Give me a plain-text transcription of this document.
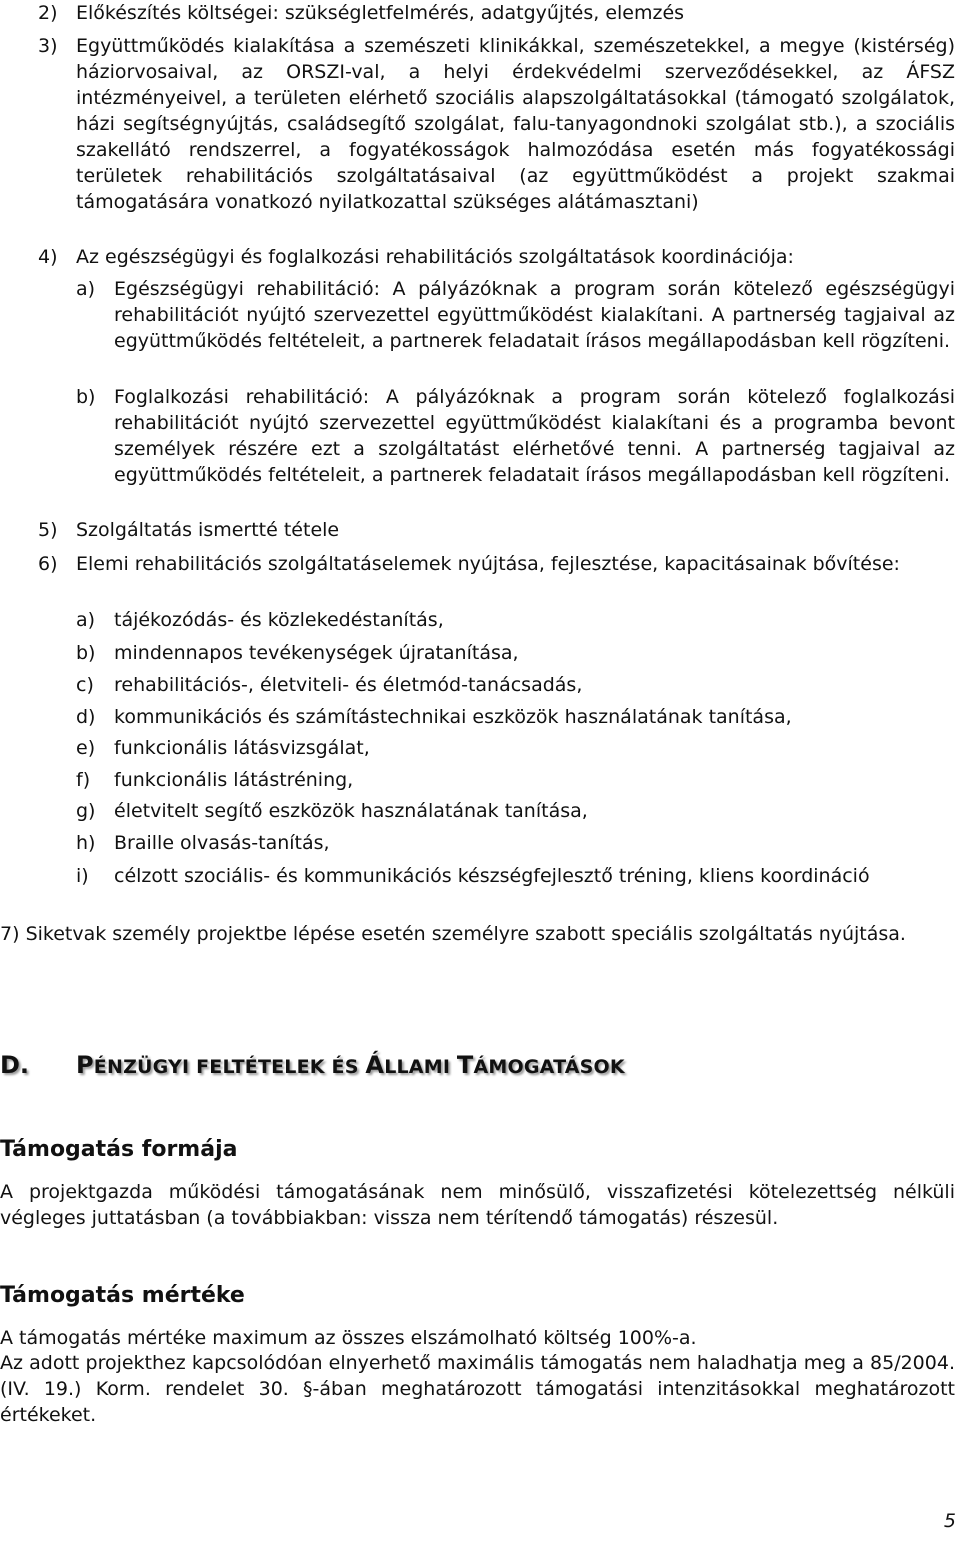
2) Előkészítés költségei: szükségletfelmérés, adatgyűjtés, elemzés
3) Együttműködés kialakítása a szemészeti klinikákkal, szemészetekkel, a megye (kistérség) háziorvosaival, az ORSZI-val, a helyi érdekvédelmi szerveződésekkel, az ÁFSZ intézményeivel, a területen elérhető szociális alapszolgáltatásokkal (támogató szolgálatok, házi segítségnyújtás, családsegítő szolgálat, falu-tanyagondnoki szolgálat stb.), a szociális szakellátó rendszerrel, a fogyatékosságok halmozódása esetén más fogyatékossági területek rehabilitációs szolgáltatásaival (az együttműködést a projekt szakmai támogatására vonatkozó nyilatkozattal szükséges alátámasztani)
4) Az egészségügyi és foglalkozási rehabilitációs szolgáltatások koordinációja:
a) Egészségügyi rehabilitáció: A pályázóknak a program során kötelező egészségügyi rehabilitációt nyújtó szervezettel együttműködést kialakítani. A partnerség tagjaival az együttműködés feltételeit, a partnerek feladatait írásos megállapodásban kell rögzíteni.
b) Foglalkozási rehabilitáció: A pályázóknak a program során kötelező foglalkozási rehabilitációt nyújtó szervezettel együttműködést kialakítani és a programba bevont személyek részére ezt a szolgáltatást elérhetővé tenni. A partnerség tagjaival az együttműködés feltételeit, a partnerek feladatait írásos megállapodásban kell rögzíteni.
5) Szolgáltatás ismertté tétele
6) Elemi rehabilitációs szolgáltatáselemek nyújtása, fejlesztése, kapacitásainak bővítése:
a) tájékozódás- és közlekedéstanítás,
b) mindennapos tevékenységek újratanítása,
c) rehabilitációs-, életviteli- és életmód-tanácsadás,
d) kommunikációs és számítástechnikai eszközök használatának tanítása,
e) funkcionális látásvizsgálat,
f) funkcionális látástréning,
g) életvitelt segítő eszközök használatának tanítása,
h) Braille olvasás-tanítás,
i) célzott szociális- és kommunikációs készségfejlesztő tréning, kliens koordináció
7) Siketvak személy projektbe lépése esetén személyre szabott speciális szolgáltatás nyújtása.
D. PÉNZÜGYI FELTÉTELEK ÉS ÁLLAMI TÁMOGATÁSOK
Támogatás formája
A projektgazda működési támogatásának nem minősülő, visszafizetési kötelezettség nélküli végleges juttatásban (a továbbiakban: vissza nem térítendő támogatás) részesül.
Támogatás mértéke
A támogatás mértéke maximum az összes elszámolható költség 100%-a.
Az adott projekthez kapcsolódóan elnyerhető maximális támogatás nem haladhatja meg a 85/2004. (IV. 19.) Korm. rendelet 30. §-ában meghatározott támogatási intenzitásokkal meghatározott értékeket.
5
